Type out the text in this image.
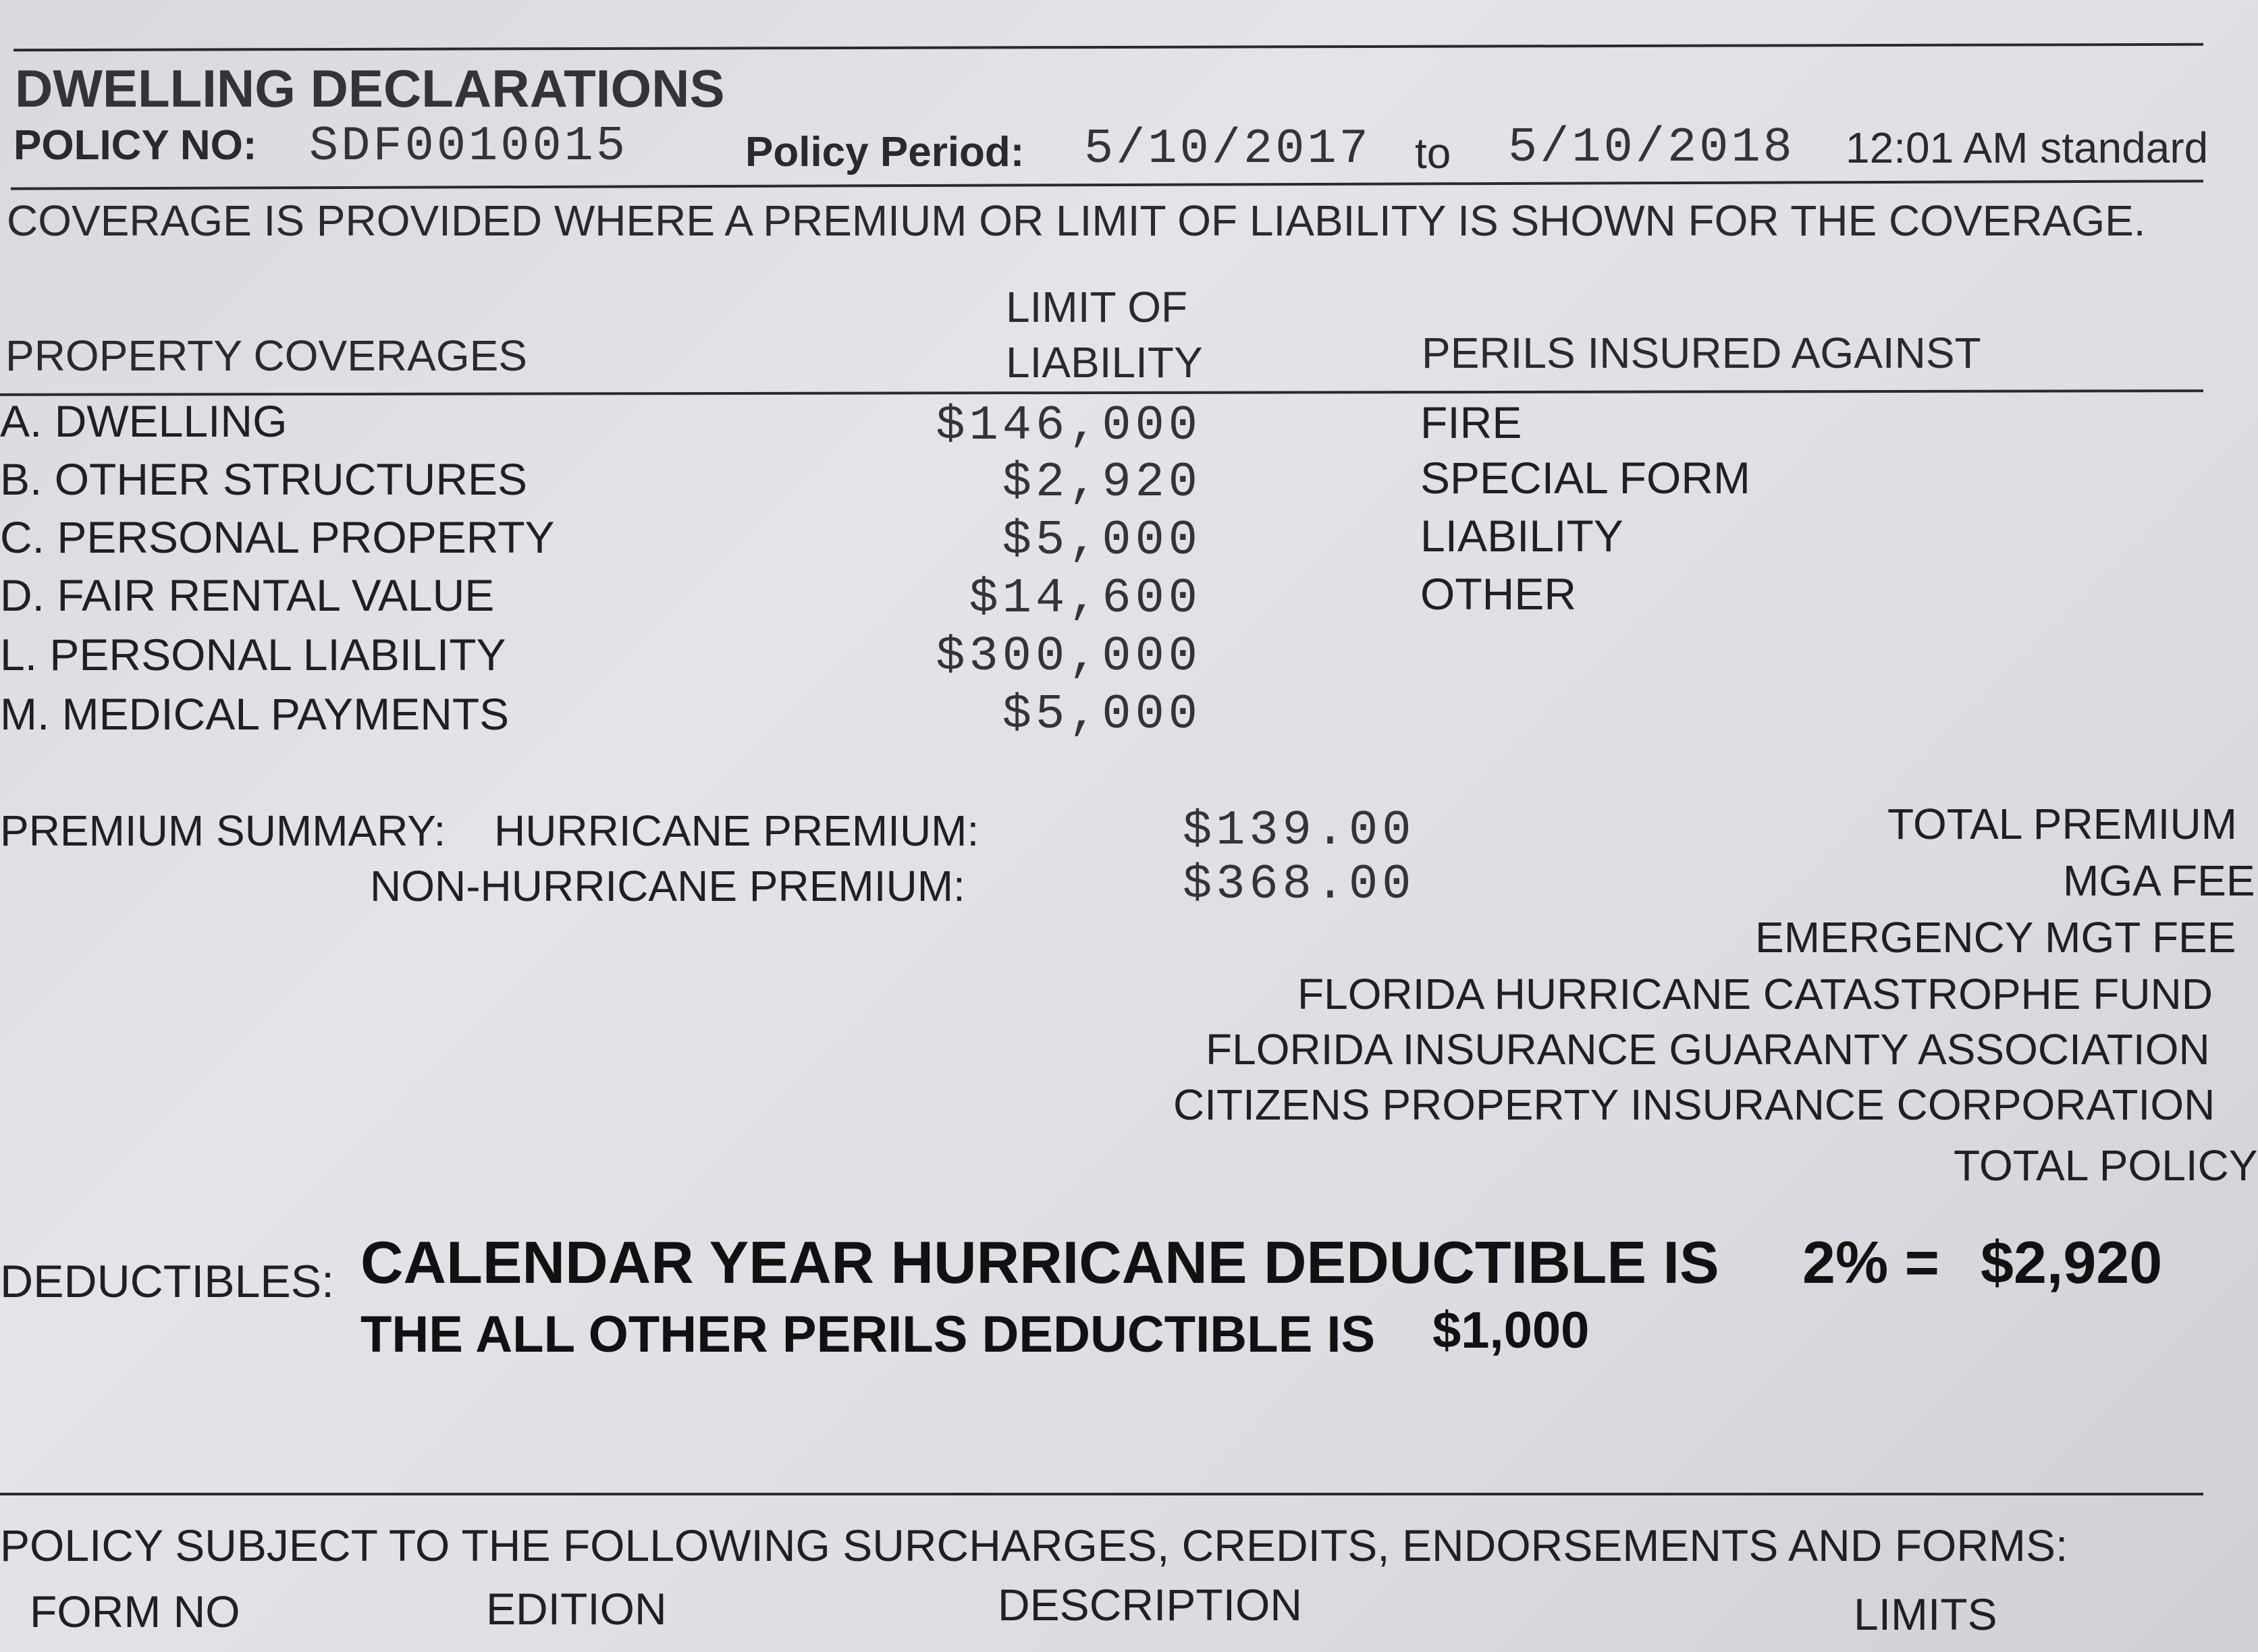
DWELLING DECLARATIONS
POLICY NO: SDF0010015	Policy Period: 5/10/2017 to 5/10/2018 12:01 AM standard
COVERAGE IS PROVIDED WHERE A PREMIUM OR LIMIT OF LIABILITY IS SHOWN FOR THE COVERAGE.
PROPERTY COVERAGES
LIMIT OF
LIABILITY	PERILS INSURED AGAINST
A. DWELLING	$146,000	FIRE
B. OTHER STRUCTURES	$2,920	SPECIAL FORM
C. PERSONAL PROPERTY	$5,000	LIABILITY
D. FAIR RENTAL VALUE	$14,600	OTHER
L. PERSONAL LIABILITY	$300,000
M. MEDICAL PAYMENTS	$5,000
PREMIUM SUMMARY: HURRICANE PREMIUM:	$139.00
NON-HURRICANE PREMIUM:	$368.00
TOTAL PREMIUM
MGA FEE
EMERGENCY MGT FEE
FLORIDA HURRICANE CATASTROPHE FUND
FLORIDA INSURANCE GUARANTY ASSOCIATION
CITIZENS PROPERTY INSURANCE CORPORATION
TOTAL POLICY
DEDUCTIBLES: CALENDAR YEAR HURRICANE DEDUCTIBLE IS 2% = $2,920
THE ALL OTHER PERILS DEDUCTIBLE IS $1,000
POLICY SUBJECT TO THE FOLLOWING SURCHARGES, CREDITS, ENDORSEMENTS AND FORMS:
FORM NO	EDITION	DESCRIPTION	LIMITS
